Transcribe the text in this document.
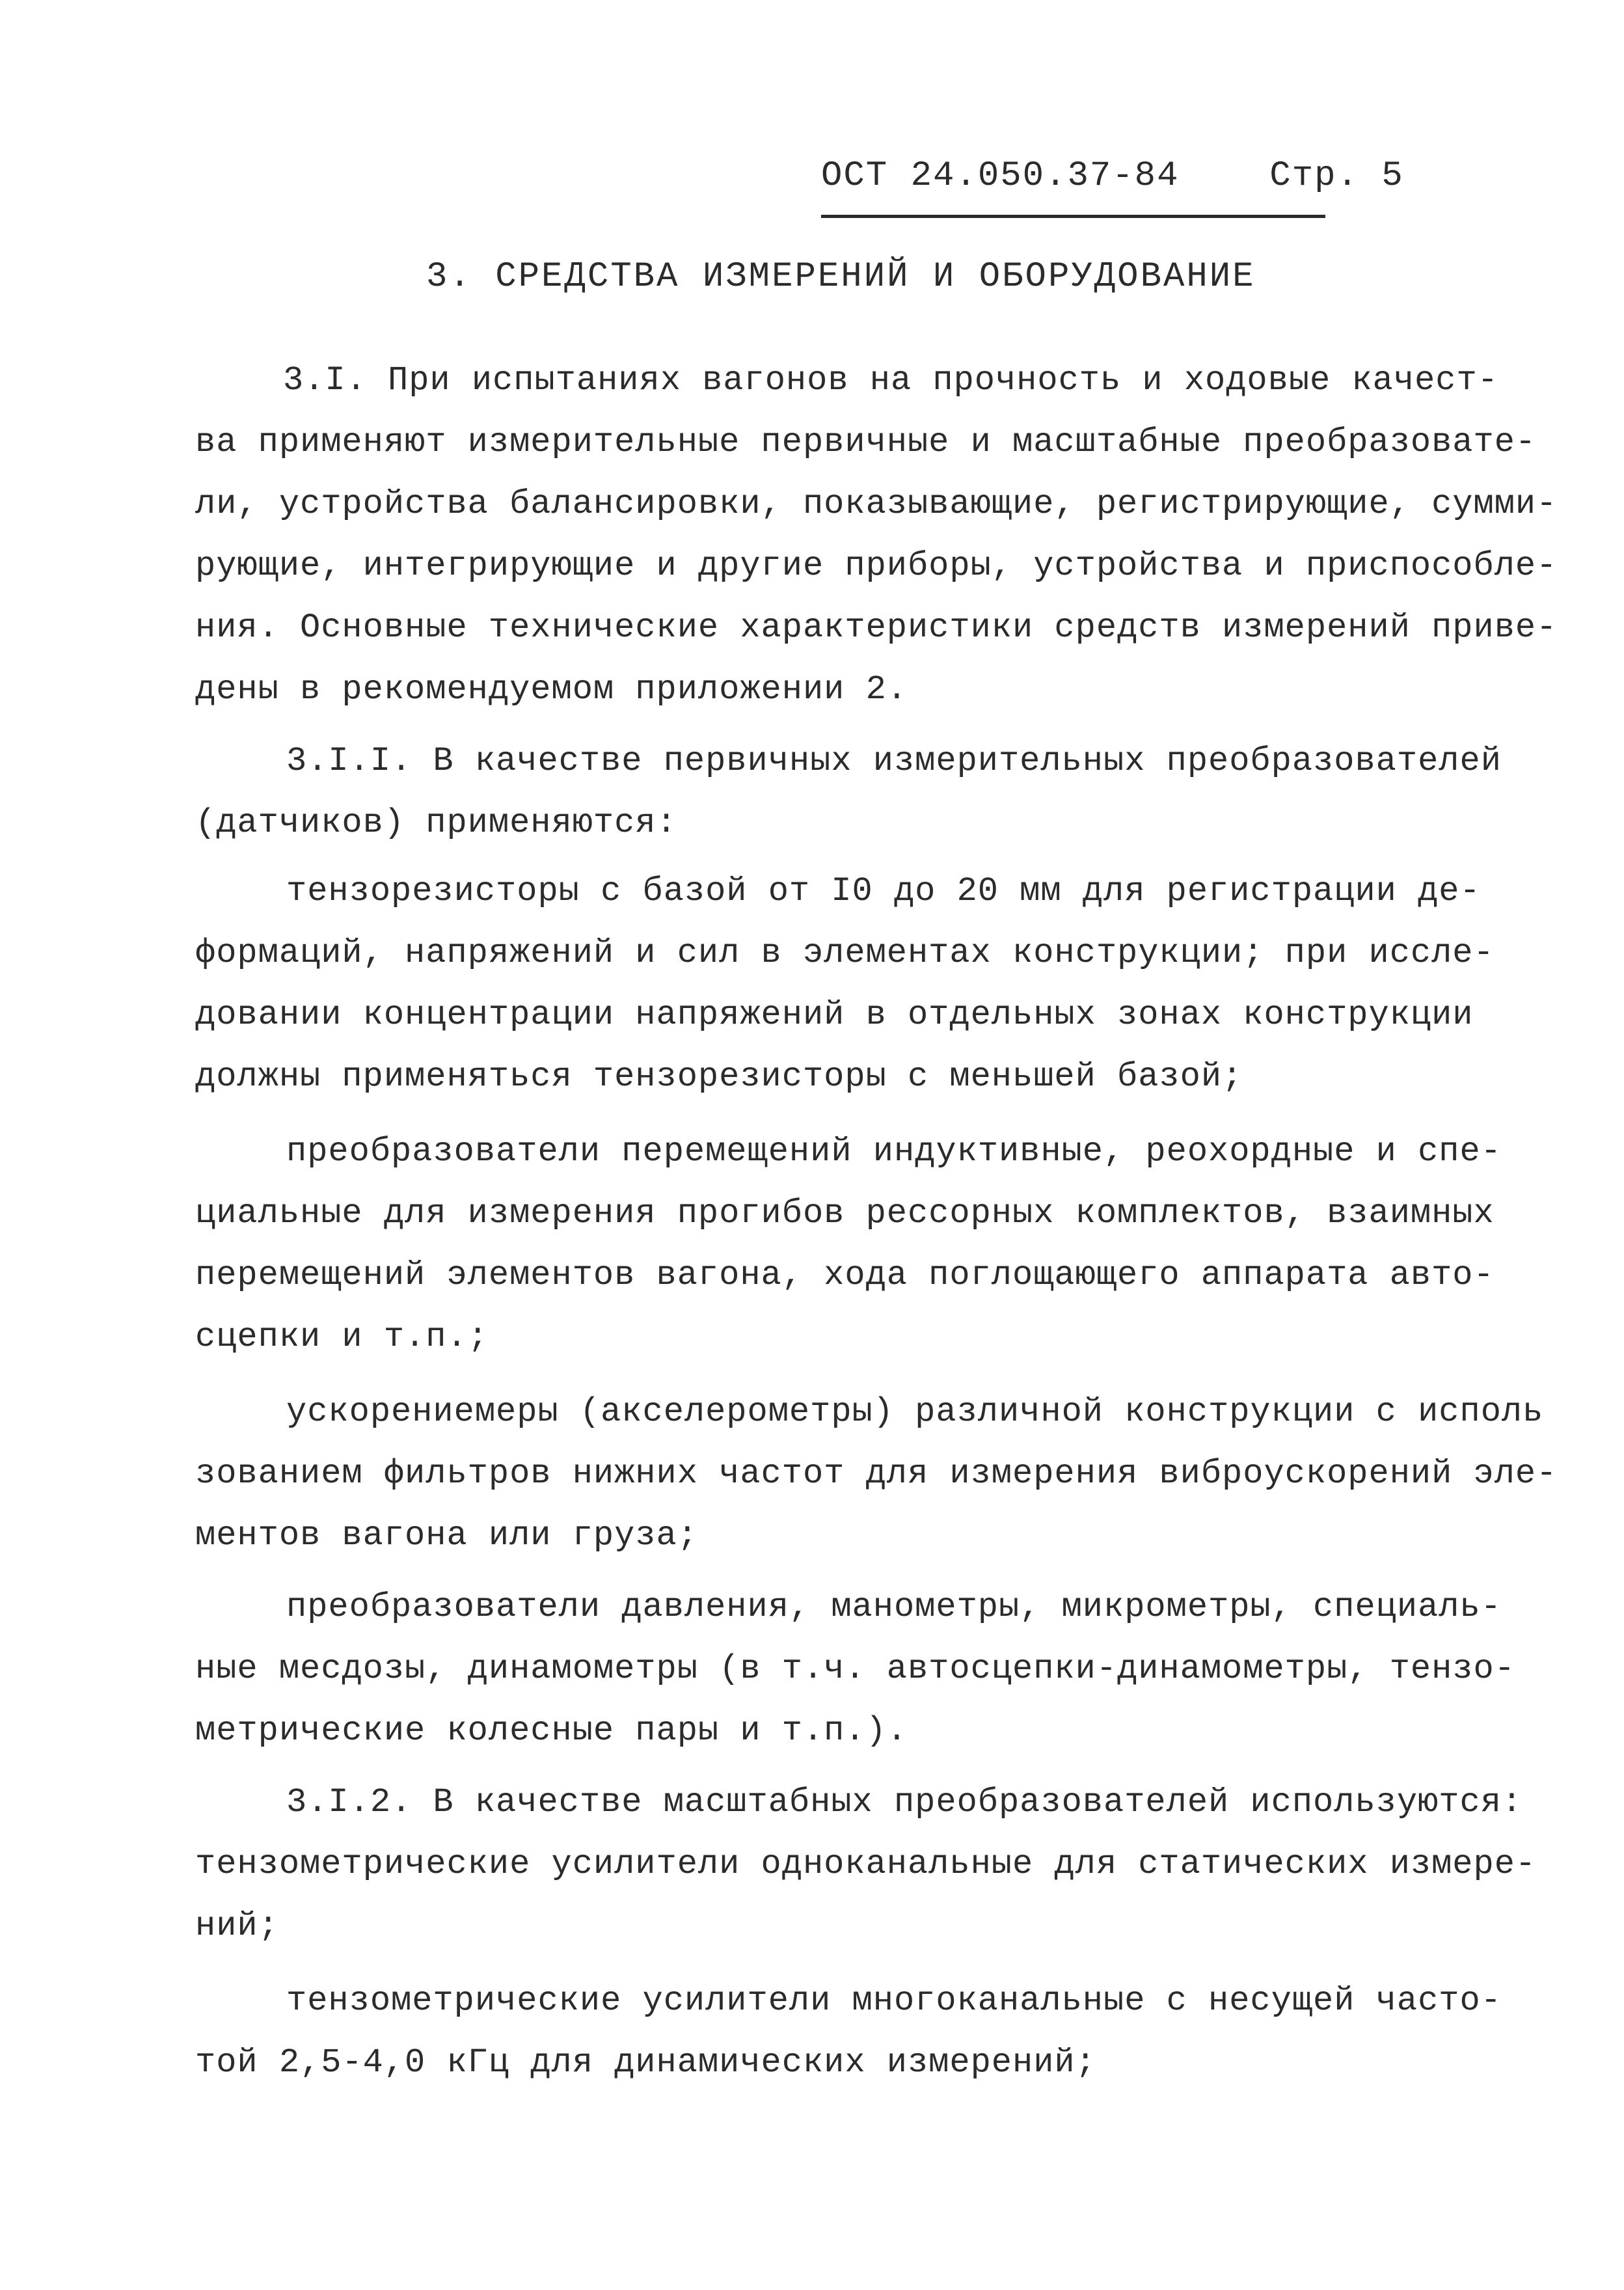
ОСТ 24.050.37-84	Стр. 5
3. СРЕДСТВА ИЗМЕРЕНИЙ И ОБОРУДОВАНИЕ
3.I. При испытаниях вагонов на прочность и ходовые качест-
ва применяют измерительные первичные и масштабные преобразовате-
ли, устройства балансировки, показывающие, регистрирующие, сумми-
рующие, интегрирующие и другие приборы, устройства и приспособле-
ния. Основные технические характеристики средств измерений приве-
дены в рекомендуемом приложении 2.
3.I.I. В качестве первичных измерительных преобразователей
(датчиков) применяются:
тензорезисторы с базой от I0 до 20 мм для регистрации де-
формаций, напряжений и сил в элементах конструкции; при иссле-
довании концентрации напряжений в отдельных зонах конструкции
должны применяться тензорезисторы с меньшей базой;
преобразователи перемещений индуктивные, реохордные и спе-
циальные для измерения прогибов рессорных комплектов, взаимных
перемещений элементов вагона, хода поглощающего аппарата авто-
сцепки и т.п.;
ускорениемеры (акселерометры) различной конструкции с исполь
зованием фильтров нижних частот для измерения виброускорений эле-
ментов вагона или груза;
преобразователи давления, манометры, микрометры, специаль-
ные месдозы, динамометры (в т.ч. автосцепки-динамометры, тензо-
метрические колесные пары и т.п.).
3.I.2. В качестве масштабных преобразователей используются:
тензометрические усилители одноканальные для статических измере-
ний;
тензометрические усилители многоканальные с несущей часто-
той 2,5-4,0 кГц для динамических измерений;
